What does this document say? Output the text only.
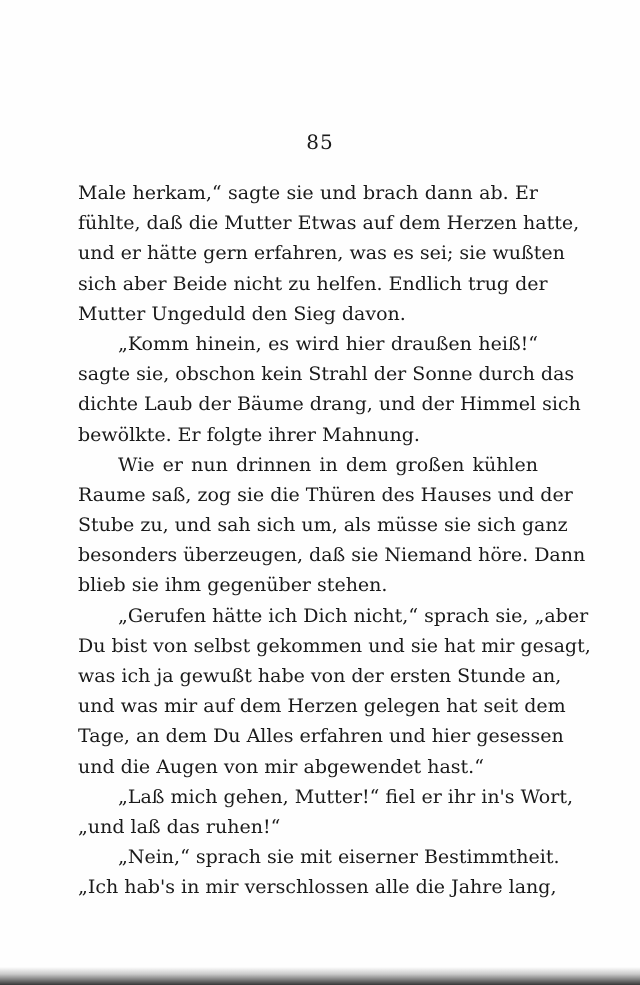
85
Male herkam,“ sagte sie und brach dann ab. Er
fühlte, daß die Mutter Etwas auf dem Herzen hatte,
und er hätte gern erfahren, was es sei; sie wußten
sich aber Beide nicht zu helfen. Endlich trug der
Mutter Ungeduld den Sieg davon.
„Komm hinein, es wird hier draußen heiß!“
sagte sie, obschon kein Strahl der Sonne durch das
dichte Laub der Bäume drang, und der Himmel sich
bewölkte. Er folgte ihrer Mahnung.
Wie er nun drinnen in dem großen kühlen
Raume saß, zog sie die Thüren des Hauses und der
Stube zu, und sah sich um, als müsse sie sich ganz
besonders überzeugen, daß sie Niemand höre. Dann
blieb sie ihm gegenüber stehen.
„Gerufen hätte ich Dich nicht,“ sprach sie, „aber
Du bist von selbst gekommen und sie hat mir gesagt,
was ich ja gewußt habe von der ersten Stunde an,
und was mir auf dem Herzen gelegen hat seit dem
Tage, an dem Du Alles erfahren und hier gesessen
und die Augen von mir abgewendet hast.“
„Laß mich gehen, Mutter!“ fiel er ihr in's Wort,
„und laß das ruhen!“
„Nein,“ sprach sie mit eiserner Bestimmtheit.
„Ich hab's in mir verschlossen alle die Jahre lang,
